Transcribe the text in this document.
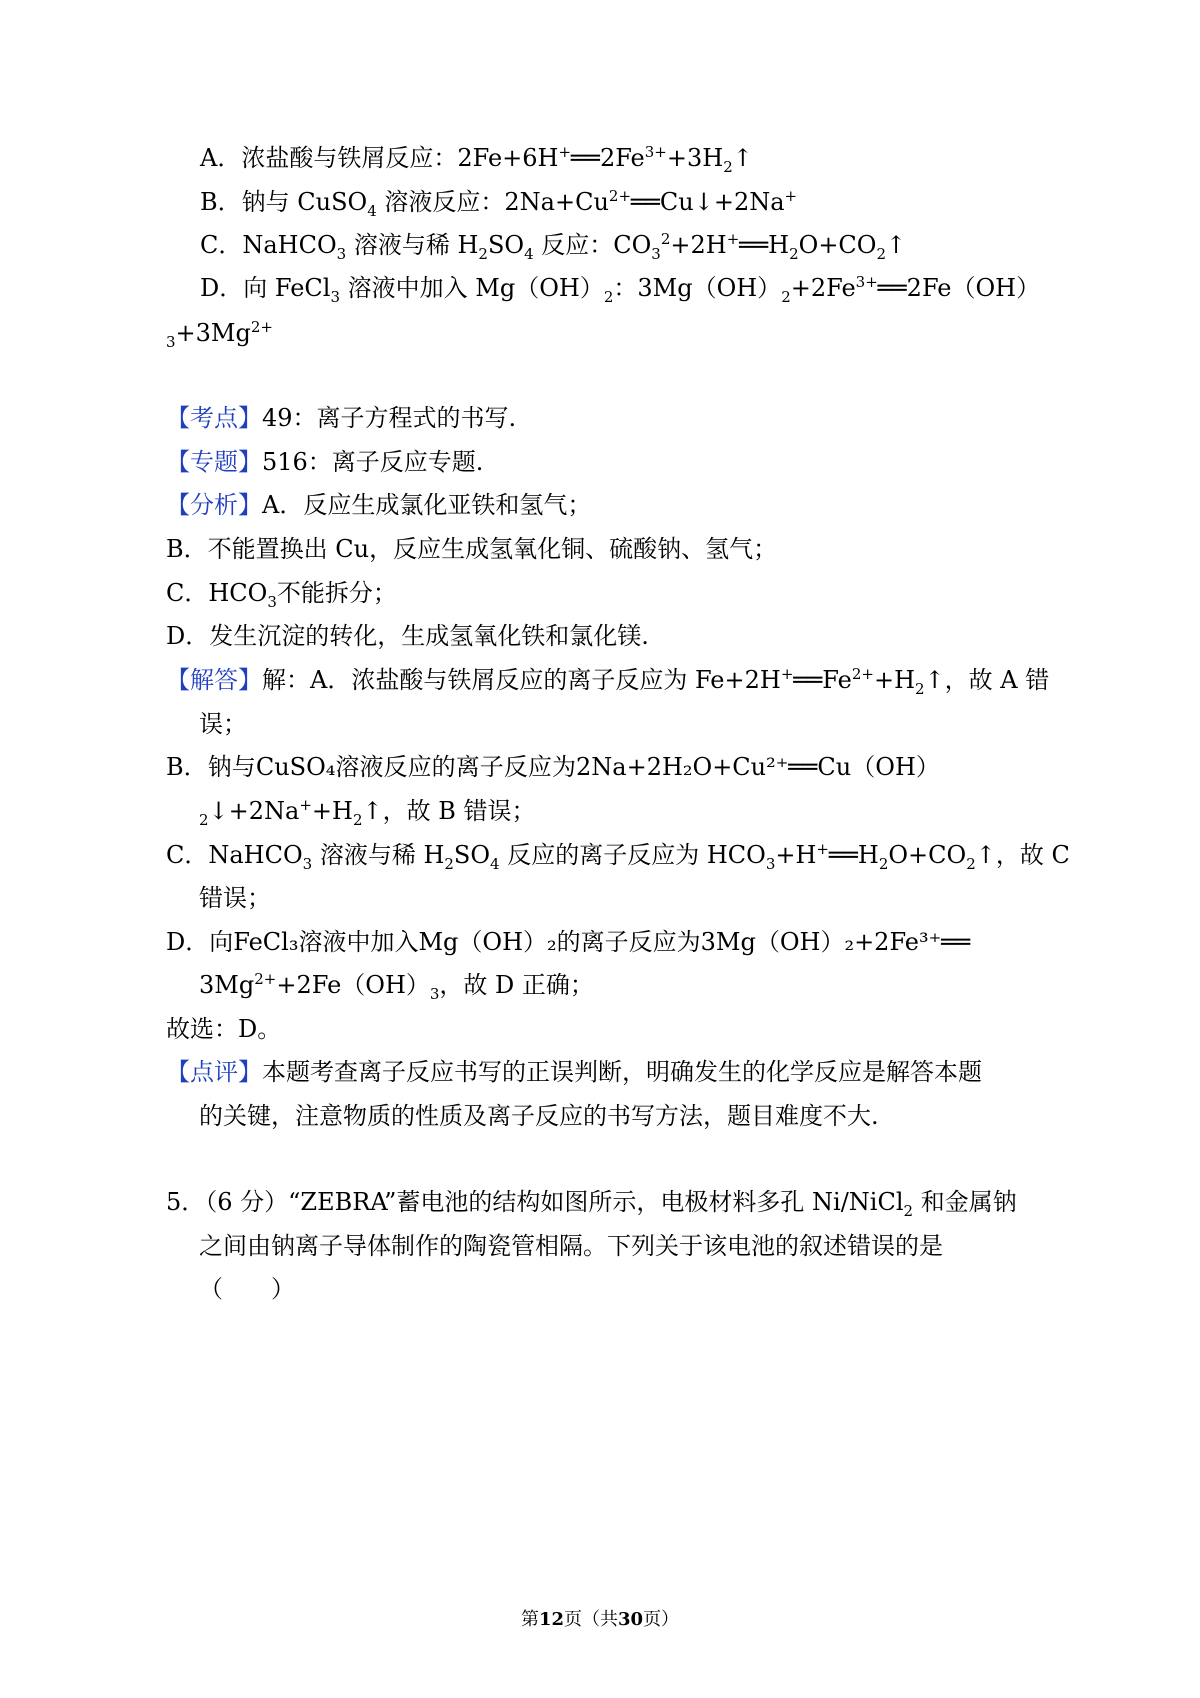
A．浓盐酸与铁屑反应：$2Fe+6H^+══2Fe^{3+}+3H_2↑$
B．钠与 CuSO$_4$ 溶液反应：$2Na+Cu^{2+}══Cu↓+2Na^+$
C．NaHCO$_3$ 溶液与稀 $H_2SO_4$ 反应：$CO_3^2+2H^+══H_2O+CO_2↑$
D．向 FeCl$_3$ 溶液中加入 $Mg(OH)_2$：$3Mg(OH)_2+2Fe^{3+}══2Fe(OH)$
$_3+3Mg^{2+}$
【考点】49：离子方程式的书写.
【专题】516：离子反应专题.
【分析】A．反应生成氯化亚铁和氢气；
B．不能置换出 Cu，反应生成氢氧化铜、硫酸钠、氢气；
C．$HCO_3$不能拆分；
D．发生沉淀的转化，生成氢氧化铁和氯化镁.
【解答】解：A．浓盐酸与铁屑反应的离子反应为 $Fe+2H^+══Fe^{2+}+H_2↑$，故 A 错
误；
B． 钠 与 CuSO₄溶 液 反 应 的 离 子 反 应 为 2Na+2H₂O+Cu²⁺══ Cu（ OH）
$_2↓+2Na^++H_2↑$，故 B 错误；
C．NaHCO$_3$ 溶液与稀 $H_2SO_4$ 反应的离子反应为 $HCO_3+H^+══H_2O+CO_2↑$，故 C
错误；
D． 向 FeCl₃溶 液 中 加 入 Mg（ OH）₂ 的 离 子 反 应 为 3Mg（ OH）₂+2Fe³⁺══
$3Mg^{2+}+2Fe(OH)_3$，故 D 正确；
故选：D。
【点评】本题考查离子反应书写的正误判断，明确发生的化学反应是解答本题
的关键，注意物质的性质及离子反应的书写方法，题目难度不大.
5．（6 分）“ZEBRA”蓄电池的结构如图所示，电极材料多孔 Ni/NiCl$_2$ 和金属钠
之间由钠离子导体制作的陶瓷管相隔。下列关于该电池的叙述错误的是
（　　）
第12页（共30页）
